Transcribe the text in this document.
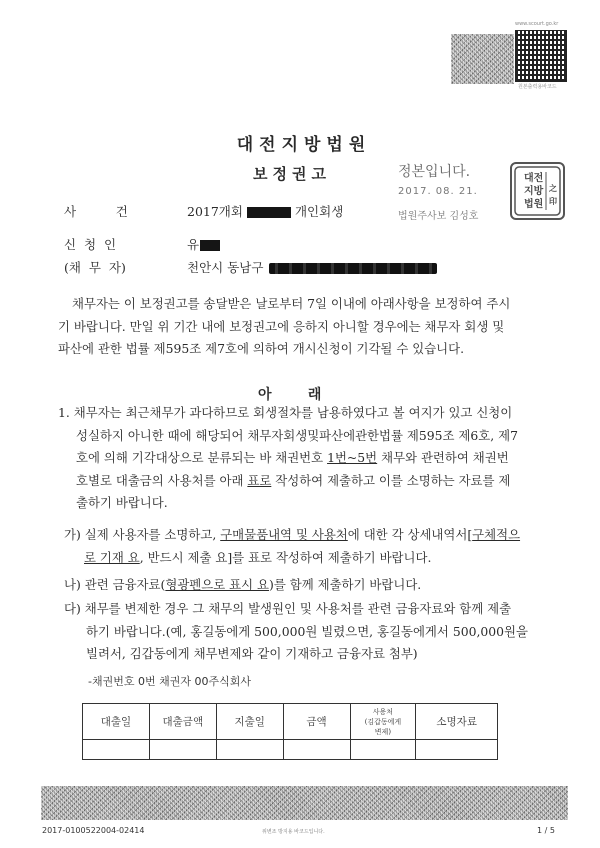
www.scourt.go.kr
원본출력용바코드
대전지방법원
보정권고	정본입니다.
2017. 08. 21.
법원주사보 김성호
대전
지방
법원
之
印
사          건	2017개회	개인회생
신  청  인	유
(채  무  자)	천안시 동남구
채무자는 이 보정권고를 송달받은 날로부터 7일 이내에 아래사항을 보정하여 주시
기 바랍니다. 만일 위 기간 내에 보정권고에 응하지 아니할 경우에는 채무자 회생 및
파산에 관한 법률 제595조 제7호에 의하여 개시신청이 기각될 수 있습니다.
아     래
1. 채무자는 최근채무가 과다하므로 회생절차를 남용하였다고 볼 여지가 있고 신청이
성실하지 아니한 때에 해당되어 채무자회생및파산에관한법률 제595조 제6호, 제7
호에 의해 기각대상으로 분류되는 바 채권번호 1번~5번 채무와 관련하여 채권번
호별로 대출금의 사용처를 아래 표로 작성하여 제출하고 이를 소명하는 자료를 제
출하기 바랍니다.
가) 실제 사용자를 소명하고, 구매물품내역 및 사용처에 대한 각 상세내역서[구체적으
로 기재 요, 반드시 제출 요]를 표로 작성하여 제출하기 바랍니다.
나) 관련 금융자료(형광펜으로 표시 요)를 함께 제출하기 바랍니다.
다) 채무를 변제한 경우 그 채무의 발생원인 및 사용처를 관련 금융자료와 함께 제출
하기 바랍니다.(예, 홍길동에게 500,000원 빌렸으면, 홍길동에게서 500,000원을
빌려서, 김갑동에게 채무변제와 같이 기재하고 금융자료 첨부)
-채권번호 0번 채권자 00주식회사
대출일	대출금액	지출일	금액	사용처
(김갑동에게
변제)	소명자료

2017-0100522004-02414	위변조 방지용 바코드입니다.	1 / 5
